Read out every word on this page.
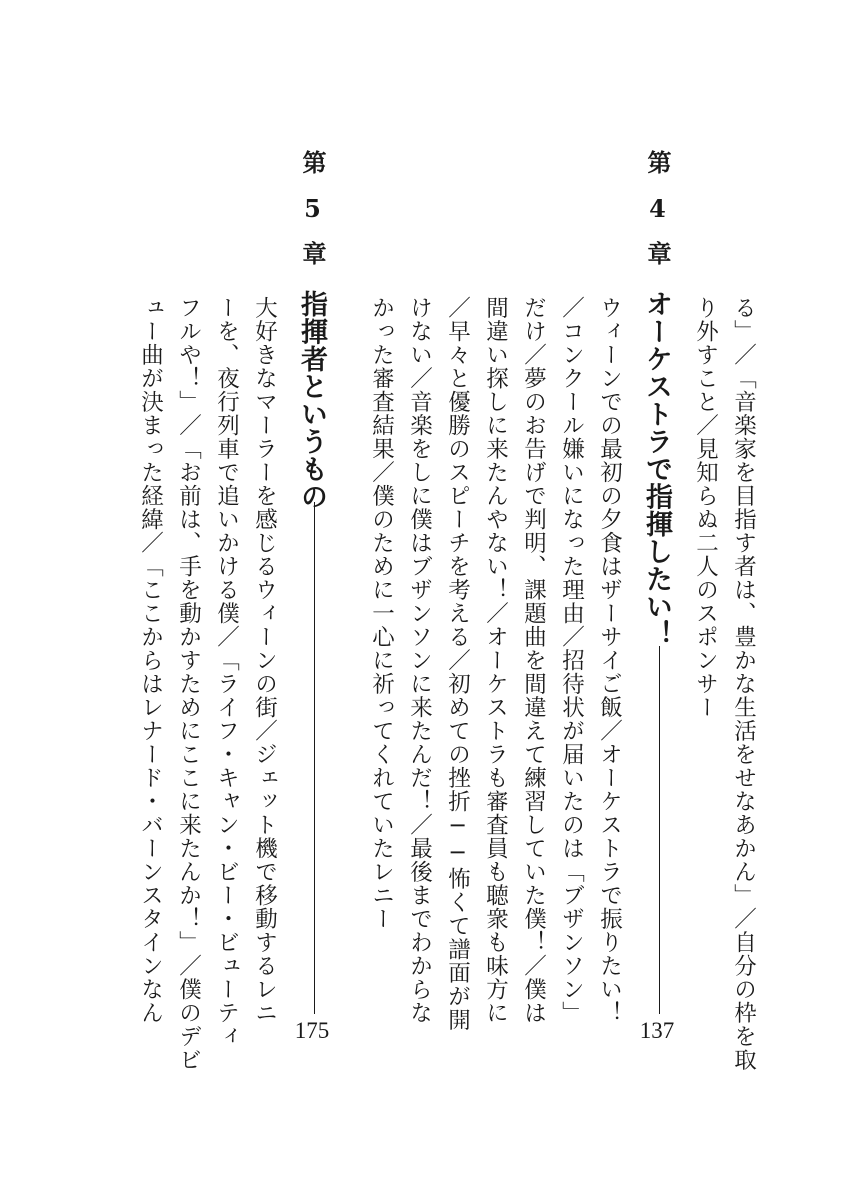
る」／「音楽家を目指す者は、豊かな生活をせなあかん」／自分の枠を取
り外すこと／見知らぬ二人のスポンサー
第4章
オーケストラで指揮したい！
137
ウィーンでの最初の夕食はザーサイご飯／オーケストラで振りたい！
／コンクール嫌いになった理由／招待状が届いたのは「ブザンソン」
だけ／夢のお告げで判明、課題曲を間違えて練習していた僕！／僕は
間違い探しに来たんやない！／オーケストラも審査員も聴衆も味方に
／早々と優勝のスピーチを考える／初めての挫折──怖くて譜面が開
けない／音楽をしに僕はブザンソンに来たんだ！／最後までわからな
かった審査結果／僕のために一心に祈ってくれていたレニー
第5章
指揮者というもの
175
大好きなマーラーを感じるウィーンの街／ジェット機で移動するレニ
ーを、夜行列車で追いかける僕／「ライフ・キャン・ビー・ビューティ
フルや！」／「お前は、手を動かすためにここに来たんか！」／僕のデビ
ュー曲が決まった経緯／「ここからはレナード・バーンスタインなん
